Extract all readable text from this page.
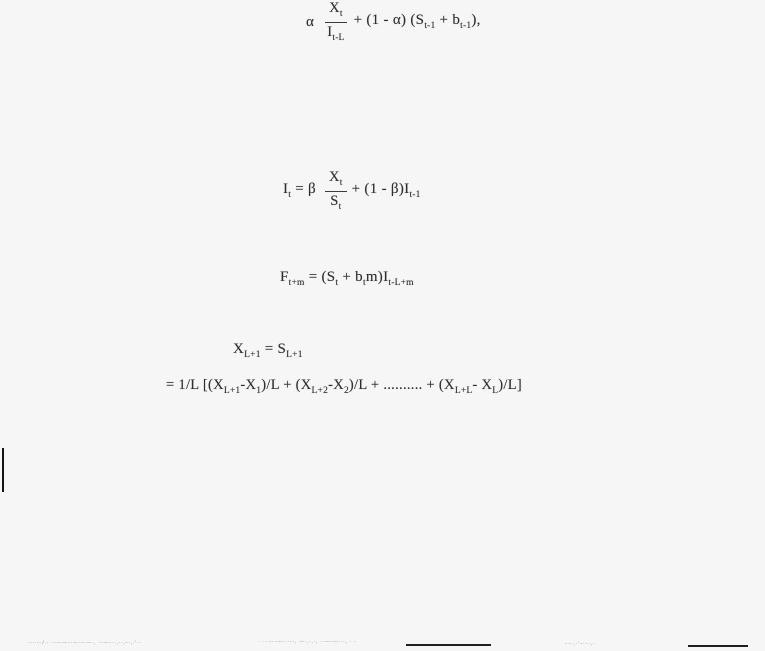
α $\frac{X_t}{I_{t-L}} + (1 - \alpha) (S_{t-1} + b_{t-1})$,
$I_t = \beta \frac{X_t}{S_t} + (1 - \beta)I_{t-1}$
$F_{t+m} = (S_t + b_tm)I_{t-L+m}$
$X_{L+1} = S_{L+1}$
= 1/L [$(X_{L+1}-X_1)/L + (X_{L+2}-X_2)/L$ + .......... + ($X_{L+L}-$ $X_L)/L$]
·‑··–·/.· ·–——–·—·–·—·‚ ·–—–··‚··‚–·‚·’··	· ···–·–—···–·‚ —·‚·‚·‚ ··—–—···‚ · ·	––·‚·’–·–·‚·
